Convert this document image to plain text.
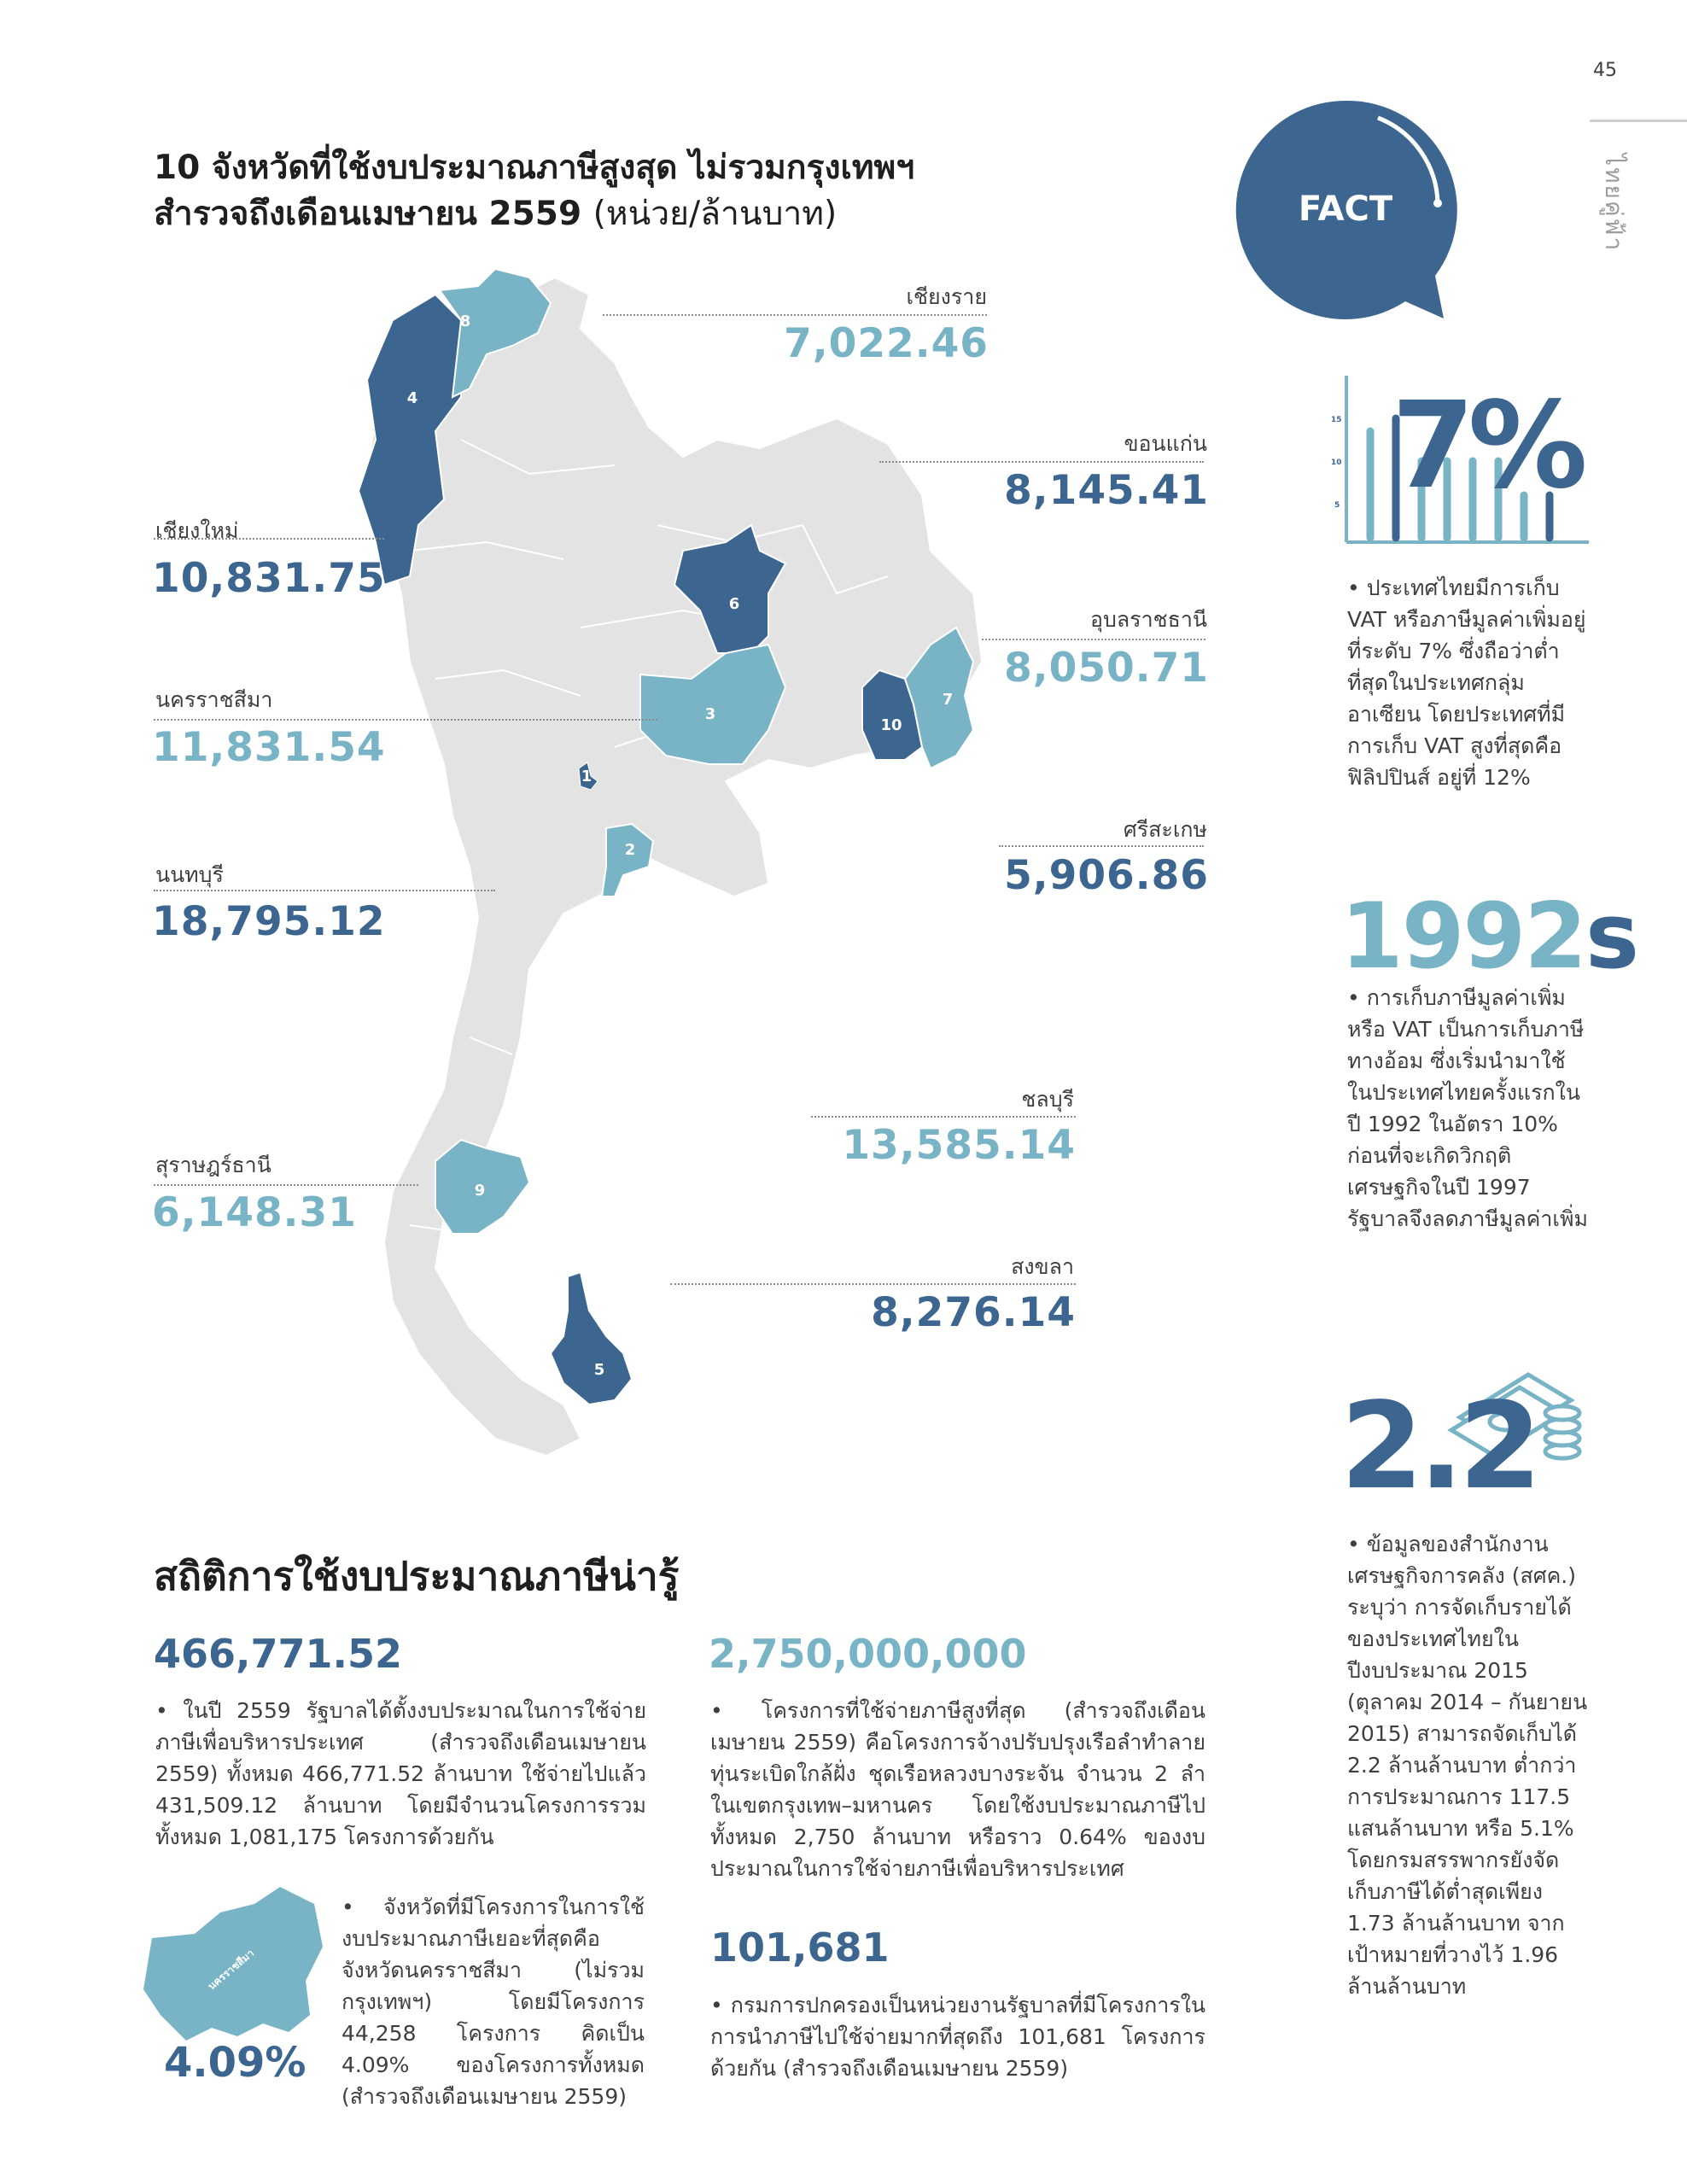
45
ไทยคู่ฟ้า
10 จังหวัดที่ใช้งบประมาณภาษีสูงสุด ไม่รวมกรุงเทพฯ
สำรวจถึงเดือนเมษายน 2559 (หน่วย/ล้านบาท)
8
4
6
3
1
10
7
2
9
5
เชียงใหม่
10,831.75
นครราชสีมา
11,831.54
นนทบุรี
18,795.12
สุราษฎร์ธานี
6,148.31
เชียงราย
7,022.46
ขอนแก่น
8,145.41
อุบลราชธานี
8,050.71
ศรีสะเกษ
5,906.86
ชลบุรี
13,585.14
สงขลา
8,276.14
FACT
15
10
5 7%
• ประเทศไทยมีการเก็บ VAT หรือภาษีมูลค่าเพิ่มอยู่ที่ระดับ 7% ซึ่งถือว่าต่ำที่สุดในประเทศกลุ่มอาเซียน โดยประเทศที่มีการเก็บ VAT สูงที่สุดคือฟิลิปปินส์ อยู่ที่ 12%
1992s
• การเก็บภาษีมูลค่าเพิ่มหรือ VAT เป็นการเก็บภาษีทางอ้อม ซึ่งเริ่มนำมาใช้ในประเทศไทยครั้งแรกในปี 1992 ในอัตรา 10% ก่อนที่จะเกิดวิกฤติเศรษฐกิจในปี 1997 รัฐบาลจึงลดภาษีมูลค่าเพิ่ม
2.2
• ข้อมูลของสำนักงานเศรษฐกิจการคลัง (สศค.) ระบุว่า การจัดเก็บรายได้ของประเทศไทยในปีงบประมาณ 2015 (ตุลาคม 2014 – กันยายน 2015) สามารถจัดเก็บได้ 2.2 ล้านล้านบาท ต่ำกว่าการประมาณการ 117.5 แสนล้านบาท หรือ 5.1% โดยกรมสรรพากรยังจัดเก็บภาษีได้ต่ำสุดเพียง 1.73 ล้านล้านบาท จากเป้าหมายที่วางไว้ 1.96 ล้านล้านบาท
สถิติการใช้งบประมาณภาษีน่ารู้
466,771.52
• ในปี 2559 รัฐบาลได้ตั้งงบประมาณในการใช้จ่ายภาษีเพื่อบริหารประเทศ (สำรวจถึงเดือนเมษายน 2559) ทั้งหมด 466,771.52 ล้านบาท ใช้จ่ายไปแล้ว 431,509.12 ล้านบาท โดยมีจำนวนโครงการรวมทั้งหมด 1,081,175 โครงการด้วยกัน
2,750,000,000
• โครงการที่ใช้จ่ายภาษีสูงที่สุด (สำรวจถึงเดือนเมษายน 2559) คือโครงการจ้างปรับปรุงเรือลำทำลายทุ่นระเบิดใกล้ฝั่ง ชุดเรือหลวงบางระจัน จำนวน 2 ลำ ในเขตกรุงเทพ–มหานคร โดยใช้งบประมาณภาษีไปทั้งหมด 2,750 ล้านบาท หรือราว 0.64% ของงบประมาณในการใช้จ่ายภาษีเพื่อบริหารประเทศ
นครราชสีมา
4.09%
• จังหวัดที่มีโครงการในการใช้งบประมาณภาษีเยอะที่สุดคือจังหวัดนครราชสีมา (ไม่รวมกรุงเทพฯ) โดยมีโครงการ 44,258 โครงการ คิดเป็น 4.09% ของโครงการทั้งหมด (สำรวจถึงเดือนเมษายน 2559)
101,681
• กรมการปกครองเป็นหน่วยงานรัฐบาลที่มีโครงการในการนำภาษีไปใช้จ่ายมากที่สุดถึง 101,681 โครงการด้วยกัน (สำรวจถึงเดือนเมษายน 2559)
